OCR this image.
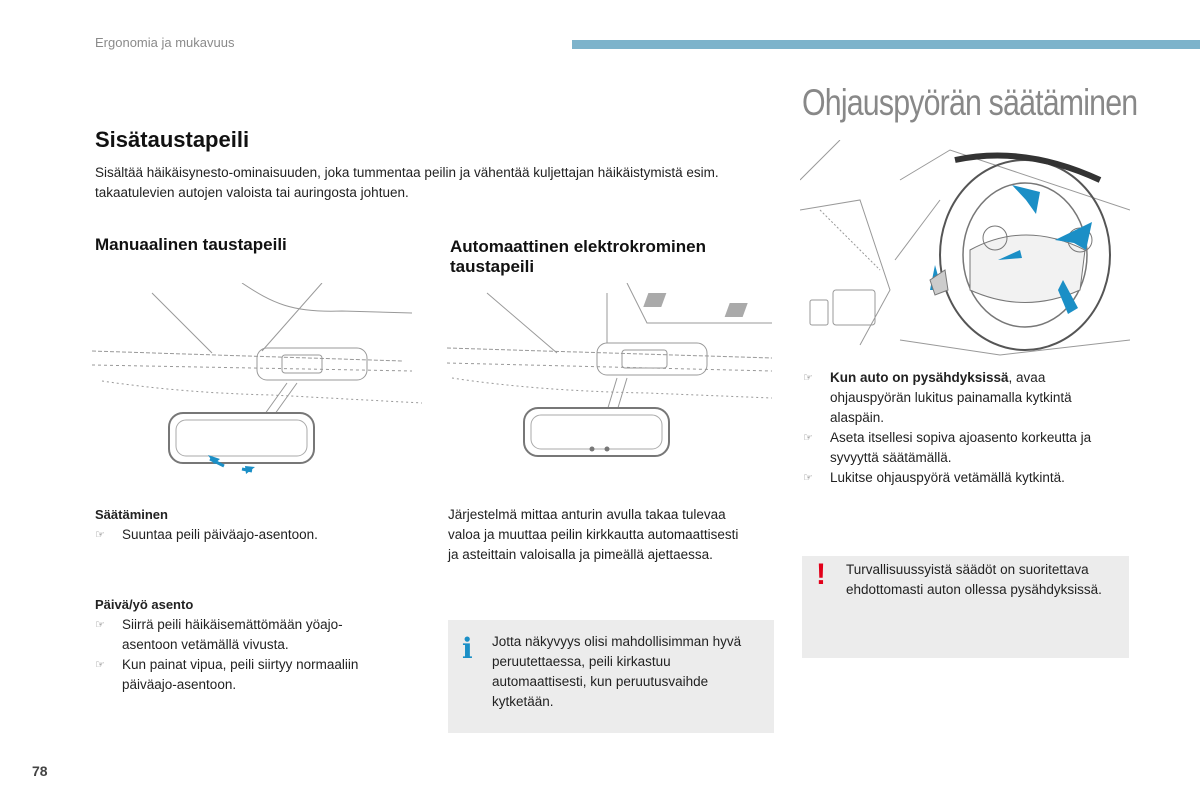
Ergonomia ja mukavuus
Ohjauspyörän säätäminen
Sisätaustapeili
Sisältää häikäisynesto-ominaisuuden, joka tummentaa peilin ja vähentää kuljettajan häikäistymistä esim. takaatulevien autojen valoista tai auringosta johtuen.
Manuaalinen taustapeili	Automaattinen elektrokrominen taustapeili
☞ Kun auto on pysähdyksissä, avaa ohjauspyörän lukitus painamalla kytkintä alaspäin.
☞ Aseta itsellesi sopiva ajoasento korkeutta ja syvyyttä säätämällä.
☞ Lukitse ohjauspyörä vetämällä kytkintä.
Säätäminen
☞ Suuntaa peili päiväajo-asentoon.
Päivä/yö asento
☞ Siirrä peili häikäisemättömään yöajo-asentoon vetämällä vivusta.
☞ Kun painat vipua, peili siirtyy normaaliin päiväajo-asentoon.
Järjestelmä mittaa anturin avulla takaa tulevaa valoa ja muuttaa peilin kirkkautta automaattisesti ja asteittain valoisalla ja pimeällä ajettaessa.
i Jotta näkyvyys olisi mahdollisimman hyvä peruutettaessa, peili kirkastuu automaattisesti, kun peruutusvaihde kytketään.
! Turvallisuussyistä säädöt on suoritettava ehdottomasti auton ollessa pysähdyksissä.
78
